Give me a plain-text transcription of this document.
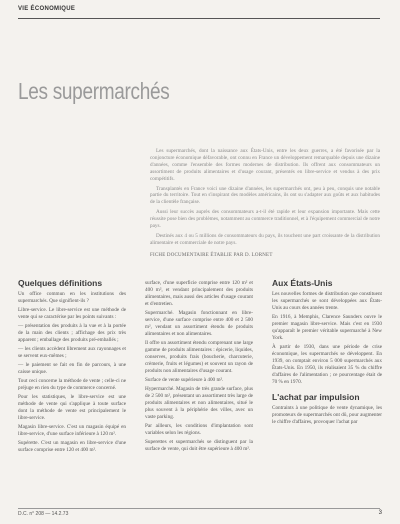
VIE ÉCONOMIQUE
Les supermarchés

Les supermarchés, dont la naissance aux États-Unis, entre les deux guerres, a été favorisée par la conjoncture économique défavorable, ont connu en France un développement remarquable depuis une dizaine d'années, comme l'ensemble des formes modernes de distribution. Ils offrent aux consommateurs un assortiment de produits alimentaires et d'usage courant, présentés en libre-service et vendus à des prix compétitifs.

Transplantés en France voici une dizaine d'années, les supermarchés ont, peu à peu, conquis une notable partie du territoire. Tout en s'inspirant des modèles américains, ils ont su s'adapter aux goûts et aux habitudes de la clientèle française.

Aussi leur succès auprès des consommateurs a-t-il été rapide et leur expansion importante. Mais cette réussite pose bien des problèmes, notamment au commerce traditionnel, et à l'équipement commercial de notre pays.

Destinés aux 4 ou 5 millions de consommateurs du pays, ils touchent une part croissante de la distribution alimentaire et commerciale de notre pays.

FICHE DOCUMENTAIRE ÉTABLIE PAR D. LORNET

Quelques définitions

Un office commun en les institutions des supermarchés. Que signifient-ils ?

Libre-service. Le libre-service est une méthode de vente qui se caractérise par les points suivants :

— présentation des produits à la vue et à la portée de la main des clients ; affichage des prix très apparent ; emballage des produits pré-emballés ;

— les clients accèdent librement aux rayonnages et se servent eux-mêmes ;

— le paiement se fait en fin de parcours, à une caisse unique.

Tout ceci concerne la méthode de vente ; celle-ci ne préjuge en rien du type de commerce concerné.

Pour les statistiques, le libre-service est une méthode de vente qui s'applique à toute surface dont la méthode de vente est principalement le libre-service.

Magasin libre-service. C'est un magasin équipé en libre-service, d'une surface inférieure à 120 m².

Supérette. C'est un magasin en libre-service d'une surface comprise entre 120 et 400 m².

surface, d'une superficie comprise entre 120 m² et 400 m², et vendant principalement des produits alimentaires, mais aussi des articles d'usage courant et d'entretien.

Supermarché. Magasin fonctionnant en libre-service, d'une surface comprise entre 400 et 2 500 m², vendant un assortiment étendu de produits alimentaires et non alimentaires.

Il offre un assortiment étendu comprenant une large gamme de produits alimentaires : épicerie, liquides, conserves, produits frais (boucherie, charcuterie, crèmerie, fruits et légumes) et souvent un rayon de produits non alimentaires d'usage courant.

Surface de vente supérieure à 400 m².

Hypermarché. Magasin de très grande surface, plus de 2 500 m², présentant un assortiment très large de produits alimentaires et non alimentaires, situé le plus souvent à la périphérie des villes, avec un vaste parking.

Par ailleurs, les conditions d'implantation sont variables selon les régions.

Superettes et supermarchés se distinguent par la surface de vente, qui doit être supérieure à 400 m².

Aux États-Unis

Les nouvelles formes de distribution que constituent les supermarchés se sont développées aux États-Unis au cours des années trente.

En 1916, à Memphis, Clarence Saunders ouvre le premier magasin libre-service. Mais c'est en 1930 qu'apparaît le premier véritable supermarché à New York.

À partir de 1930, dans une période de crise économique, les supermarchés se développent. En 1939, on comptait environ 5 000 supermarchés aux États-Unis. En 1950, ils réalisaient 35 % du chiffre d'affaires de l'alimentation ; ce pourcentage était de 70 % en 1970.

L'achat par impulsion

Contraints à une politique de vente dynamique, les promoteurs de supermarchés ont dû, pour augmenter le chiffre d'affaires, provoquer l'achat par

D.C. n° 208 — 14.2.73	3
